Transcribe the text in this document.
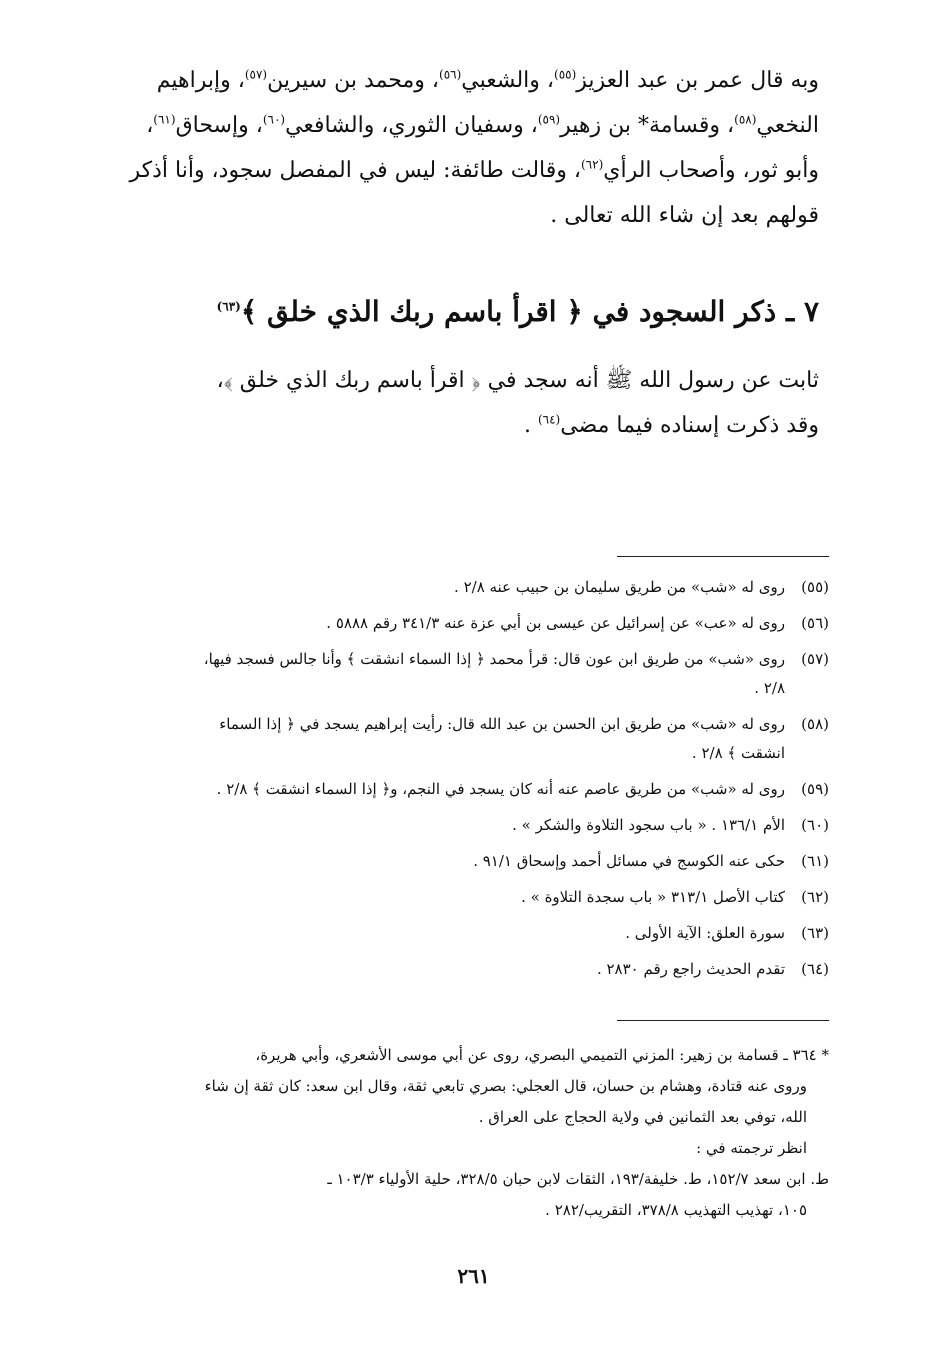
وبه قال عمر بن عبد العزيز$^{(٥٥)}$، والشعبي$^{(٥٦)}$، ومحمد بن سيرين$^{(٥٧)}$، وإبراهيم
النخعي$^{(٥٨)}$، وقسامة* بن زهير$^{(٥٩)}$، وسفيان الثوري، والشافعي$^{(٦٠)}$، وإسحاق$^{(٦١)}$،
وأبو ثور، وأصحاب الرأي$^{(٦٢)}$، وقالت طائفة: ليس في المفصل سجود، وأنا أذكر
قولهم بعد إن شاء الله تعالى .

٧ ـ ذكر السجود في ﴿ اقرأ باسم ربك الذي خلق ﴾$^{(٦٣)}$

ثابت عن رسول الله ﷺ أنه سجد في ﴿ اقرأ باسم ربك الذي خلق ﴾،
وقد ذكرت إسناده فيما مضى$^{(٦٤)}$ .

(٥٥)
روى له «شب» من طريق سليمان بن حبيب عنه ٢/٨ .
(٥٦)
روى له «عب» عن إسرائيل عن عيسى بن أبي عزة عنه ٣٤١/٣ رقم ٥٨٨٨ .
(٥٧)
روى «شب» من طريق ابن عون قال: قرأ محمد ﴿ إذا السماء انشقت ﴾ وأنا جالس فسجد فيها،
٢/٨ .
(٥٨)
روى له «شب» من طريق ابن الحسن بن عبد الله قال: رأيت إبراهيم يسجد في ﴿ إذا السماء
انشقت ﴾ ٢/٨ .
(٥٩)
روى له «شب» من طريق عاصم عنه أنه كان يسجد في النجم، و﴿ إذا السماء انشقت ﴾ ٢/٨ .
(٦٠)
الأم ١٣٦/١ . « باب سجود التلاوة والشكر » .
(٦١)
حكى عنه الكوسج في مسائل أحمد وإسحاق ٩١/١ .
(٦٢)
كتاب الأصل ٣١٣/١ « باب سجدة التلاوة » .
(٦٣)
سورة العلق: الآية الأولى .
(٦٤)
تقدم الحديث راجع رقم ٢٨٣٠ .
* ٣٦٤ ـ قسامة بن زهير: المزني التميمي البصري، روى عن أبي موسى الأشعري، وأبي هريرة،
وروى عنه قتادة، وهشام بن حسان، قال العجلي: بصري تابعي ثقة، وقال ابن سعد: كان ثقة إن شاء
الله، توفي بعد الثمانين في ولاية الحجاج على العراق .
انظر ترجمته في :
ط. ابن سعد ١٥٢/٧، ط. خليفة/١٩٣، الثقات لابن حبان ٣٢٨/٥، حلية الأولياء ١٠٣/٣ ـ
١٠٥، تهذيب التهذيب ٣٧٨/٨، التقريب/٢٨٢ .

٢٦١
